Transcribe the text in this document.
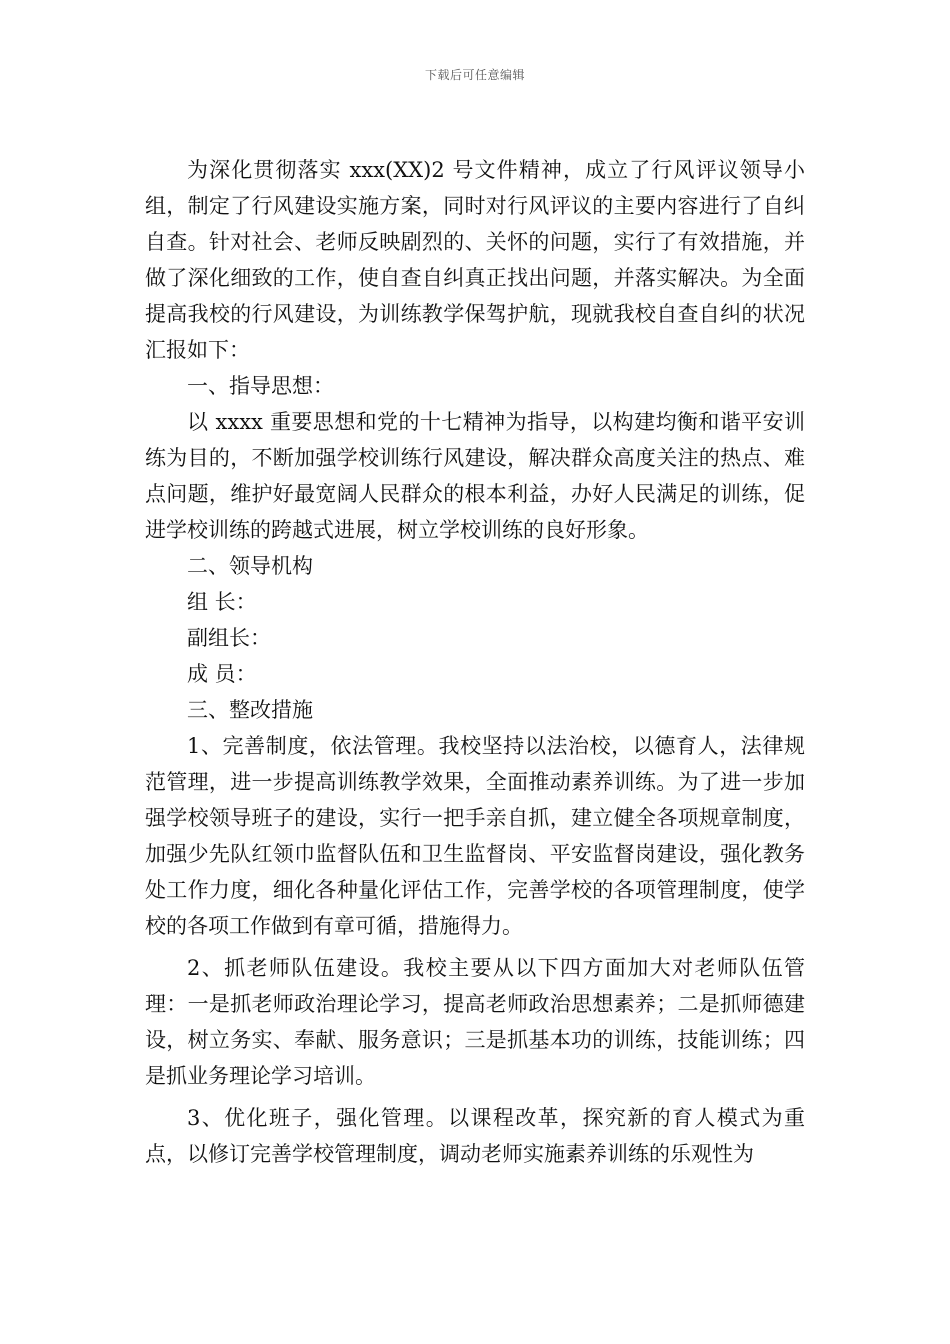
下载后可任意编辑

为深化贯彻落实 xxx(XX)2 号文件精神，成立了行风评议领导小组，制定了行风建设实施方案，同时对行风评议的主要内容进行了自纠自查。针对社会、老师反映剧烈的、关怀的问题，实行了有效措施，并做了深化细致的工作，使自查自纠真正找出问题，并落实解决。为全面提高我校的行风建设，为训练教学保驾护航，现就我校自查自纠的状况汇报如下：

一、指导思想：

以 xxxx 重要思想和党的十七精神为指导，以构建均衡和谐平安训练为目的，不断加强学校训练行风建设，解决群众高度关注的热点、难点问题，维护好最宽阔人民群众的根本利益，办好人民满足的训练，促进学校训练的跨越式进展，树立学校训练的良好形象。

二、领导机构

组 长：

副组长：

成 员：

三、整改措施

1、完善制度，依法管理。我校坚持以法治校，以德育人，法律规范管理，进一步提高训练教学效果，全面推动素养训练。为了进一步加强学校领导班子的建设，实行一把手亲自抓，建立健全各项规章制度，加强少先队红领巾监督队伍和卫生监督岗、平安监督岗建设，强化教务处工作力度，细化各种量化评估工作，完善学校的各项管理制度，使学校的各项工作做到有章可循，措施得力。

2、抓老师队伍建设。我校主要从以下四方面加大对老师队伍管理：一是抓老师政治理论学习，提高老师政治思想素养；二是抓师德建设，树立务实、奉献、服务意识；三是抓基本功的训练，技能训练；四是抓业务理论学习培训。

3、优化班子，强化管理。以课程改革，探究新的育人模式为重点，以修订完善学校管理制度，调动老师实施素养训练的乐观性为
